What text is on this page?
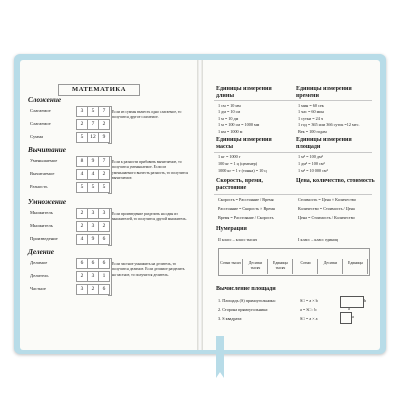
МАТЕМАТИКА
Сложение
Слагаемое	3	5	7
Слагаемое	2	7	2
Сумма	5	12	9
Если из суммы вычесть одно слагаемое, то получится другое слагаемое.
Вычитание
Уменьшаемое	8	9	7
Вычитаемое	4	4	2
Разность	5	5	5
Если к разности прибавить вычитаемое, то получится уменьшаемое. Если из уменьшаемого вычесть разность, то получится вычитаемое.
Умножение
Множитель	2	3	3
Множитель	2	3	2
Произведение	4	9	6
Если произведение разделить на один из множителей, то получится другой множитель.
Деление
Делимое	6	6	6
Делитель	2	3	1
Частное	3	2	6
Если частное умножить на делитель, то получится делимое. Если делимое разделить на частное, то получится делитель.
Единицы измерения длины
Единицы измерения времени
1 см = 10 мм
1 дм = 10 см
1 м = 10 дм
1 м = 100 см = 1000 мм
1 км = 1000 м
1 мин = 60 сек
1 час = 60 мин
1 сутки = 24 ч
1 год = 365 или 366 суток =12 мес.
Век = 100 годам
Единицы измерения массы
Единицы измерения площади
1 кг = 1000 г
100 кг = 1 ц (центнер)
1000 кг = 1 т (тонна) = 10 ц
1 м² = 100 дм²
1 дм² = 100 см²
1 м² = 10 000 см²
Скорость, время, расстояние
Цена, количество, стоимость
Скорость = Расстояние / Время
Расстояние = Скорость × Время
Время = Расстояние / Скорость
Стоимость = Цена × Количество
Количество = Стоимость / Цена
Цена = Стоимость / Количество
Нумерация
II класс – класс тысяч	I класс – класс единиц
Сотни тысяч	Десятки тысяч
Единицы тысяч
Сотни	Десятки	Единицы
Вычисление площади
1. Площадь (S) прямоугольника:	S□ = a × b
2. Сторона прямоугольника:	a = S□ : b
3. S квадрата:	S□ = a × a
a
b
a
